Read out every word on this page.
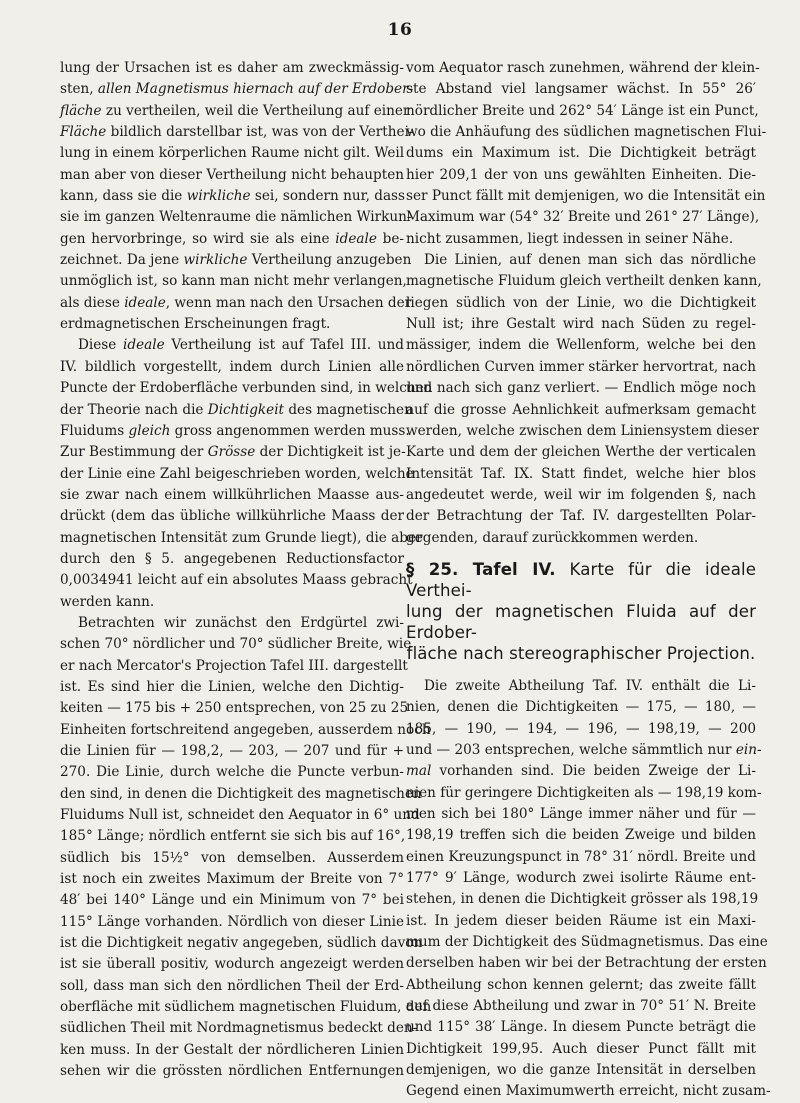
16

lung der Ursachen ist es daher am zweckmässig-
sten, allen Magnetismus hiernach auf der Erdober-
fläche zu vertheilen, weil die Vertheilung auf einer
Fläche bildlich darstellbar ist, was von der Verthei-
lung in einem körperlichen Raume nicht gilt. Weil
man aber von dieser Vertheilung nicht behaupten
kann, dass sie die wirkliche sei, sondern nur, dass
sie im ganzen Weltenraume die nämlichen Wirkun-
gen hervorbringe, so wird sie als eine ideale be-
zeichnet. Da jene wirkliche Vertheilung anzugeben
unmöglich ist, so kann man nicht mehr verlangen,
als diese ideale, wenn man nach den Ursachen der
erdmagnetischen Erscheinungen fragt.

Diese ideale Vertheilung ist auf Tafel III. und
IV. bildlich vorgestellt, indem durch Linien alle
Puncte der Erdoberfläche verbunden sind, in welchen
der Theorie nach die Dichtigkeit des magnetischen
Fluidums gleich gross angenommen werden muss.
Zur Bestimmung der Grösse der Dichtigkeit ist je-
der Linie eine Zahl beigeschrieben worden, welche
sie zwar nach einem willkührlichen Maasse aus-
drückt (dem das übliche willkührliche Maass der
magnetischen Intensität zum Grunde liegt), die aber
durch den § 5. angegebenen Reductionsfactor
0,0034941 leicht auf ein absolutes Maass gebracht
werden kann.

Betrachten wir zunächst den Erdgürtel zwi-
schen 70° nördlicher und 70° südlicher Breite, wie
er nach Mercator's Projection Tafel III. dargestellt
ist. Es sind hier die Linien, welche den Dichtig-
keiten — 175 bis + 250 entsprechen, von 25 zu 25
Einheiten fortschreitend angegeben, ausserdem noch
die Linien für — 198,2, — 203, — 207 und für +
270. Die Linie, durch welche die Puncte verbun-
den sind, in denen die Dichtigkeit des magnetischen
Fluidums Null ist, schneidet den Aequator in 6° und
185° Länge; nördlich entfernt sie sich bis auf 16°,
südlich bis 15½° von demselben. Ausserdem
ist noch ein zweites Maximum der Breite von 7°
48′ bei 140° Länge und ein Minimum von 7° bei
115° Länge vorhanden. Nördlich von dieser Linie
ist die Dichtigkeit negativ angegeben, südlich davon
ist sie überall positiv, wodurch angezeigt werden
soll, dass man sich den nördlichen Theil der Erd-
oberfläche mit südlichem magnetischen Fluidum, den
südlichen Theil mit Nordmagnetismus bedeckt den-
ken muss. In der Gestalt der nördlicheren Linien
sehen wir die grössten nördlichen Entfernungen

vom Aequator rasch zunehmen, während der klein-
ste Abstand viel langsamer wächst. In 55° 26′
nördlicher Breite und 262° 54′ Länge ist ein Punct,
wo die Anhäufung des südlichen magnetischen Flui-
dums ein Maximum ist. Die Dichtigkeit beträgt
hier 209,1 der von uns gewählten Einheiten. Die-
ser Punct fällt mit demjenigen, wo die Intensität ein
Maximum war (54° 32′ Breite und 261° 27′ Länge),
nicht zusammen, liegt indessen in seiner Nähe.

Die Linien, auf denen man sich das nördliche
magnetische Fluidum gleich vertheilt denken kann,
liegen südlich von der Linie, wo die Dichtigkeit
Null ist; ihre Gestalt wird nach Süden zu regel-
mässiger, indem die Wellenform, welche bei den
nördlichen Curven immer stärker hervortrat, nach
und nach sich ganz verliert. — Endlich möge noch
auf die grosse Aehnlichkeit aufmerksam gemacht
werden, welche zwischen dem Liniensystem dieser
Karte und dem der gleichen Werthe der verticalen
Intensität Taf. IX. Statt findet, welche hier blos
angedeutet werde, weil wir im folgenden §, nach
der Betrachtung der Taf. IV. dargestellten Polar-
gegenden, darauf zurückkommen werden.

§ 25. Tafel IV. Karte für die ideale Verthei-
lung der magnetischen Fluida auf der Erdober-
fläche nach stereographischer Projection.

Die zweite Abtheilung Taf. IV. enthält die Li-
nien, denen die Dichtigkeiten — 175, — 180, —
185, — 190, — 194, — 196, — 198,19, — 200
und — 203 entsprechen, welche sämmtlich nur ein-
mal vorhanden sind. Die beiden Zweige der Li-
nien für geringere Dichtigkeiten als — 198,19 kom-
men sich bei 180° Länge immer näher und für —
198,19 treffen sich die beiden Zweige und bilden
einen Kreuzungspunct in 78° 31′ nördl. Breite und
177° 9′ Länge, wodurch zwei isolirte Räume ent-
stehen, in denen die Dichtigkeit grösser als 198,19
ist. In jedem dieser beiden Räume ist ein Maxi-
mum der Dichtigkeit des Südmagnetismus. Das eine
derselben haben wir bei der Betrachtung der ersten
Abtheilung schon kennen gelernt; das zweite fällt
auf diese Abtheilung und zwar in 70° 51′ N. Breite
und 115° 38′ Länge. In diesem Puncte beträgt die
Dichtigkeit 199,95. Auch dieser Punct fällt mit
demjenigen, wo die ganze Intensität in derselben
Gegend einen Maximumwerth erreicht, nicht zusam-
